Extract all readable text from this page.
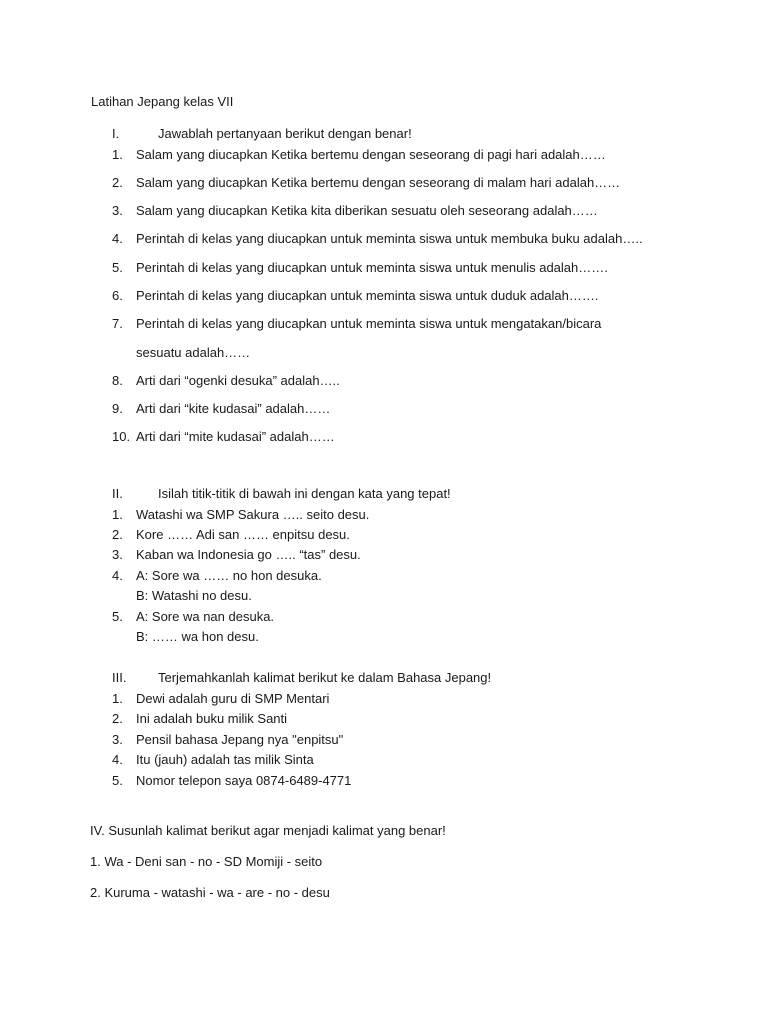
Latihan Jepang kelas VII
I.	Jawablah pertanyaan berikut dengan benar!
1. Salam yang diucapkan Ketika bertemu dengan seseorang di pagi hari adalah……
2. Salam yang diucapkan Ketika bertemu dengan seseorang di malam hari adalah……
3. Salam yang diucapkan Ketika kita diberikan sesuatu oleh seseorang adalah……
4. Perintah di kelas yang diucapkan untuk meminta siswa untuk membuka buku adalah…..
5. Perintah di kelas yang diucapkan untuk meminta siswa untuk menulis adalah…….
6. Perintah di kelas yang diucapkan untuk meminta siswa untuk duduk adalah…….
7. Perintah di kelas yang diucapkan untuk meminta siswa untuk mengatakan/bicara
sesuatu adalah……
8. Arti dari “ogenki desuka” adalah…..
9. Arti dari “kite kudasai” adalah……
10. Arti dari “mite kudasai” adalah……
II.	Isilah titik-titik di bawah ini dengan kata yang tepat!
1. Watashi wa SMP Sakura ….. seito desu.
2. Kore …… Adi san …… enpitsu desu.
3. Kaban wa Indonesia go ….. “tas” desu.
4. A: Sore wa …… no hon desuka.
B: Watashi no desu.
5. A: Sore wa nan desuka.
B: …… wa hon desu.
III. Terjemahkanlah kalimat berikut ke dalam Bahasa Jepang!
1. Dewi adalah guru di SMP Mentari
2. Ini adalah buku milik Santi
3. Pensil bahasa Jepang nya "enpitsu"
4. Itu (jauh) adalah tas milik Sinta
5. Nomor telepon saya 0874-6489-4771
IV. Susunlah kalimat berikut agar menjadi kalimat yang benar!
1. Wa - Deni san - no - SD Momiji - seito
2. Kuruma - watashi - wa - are - no - desu
